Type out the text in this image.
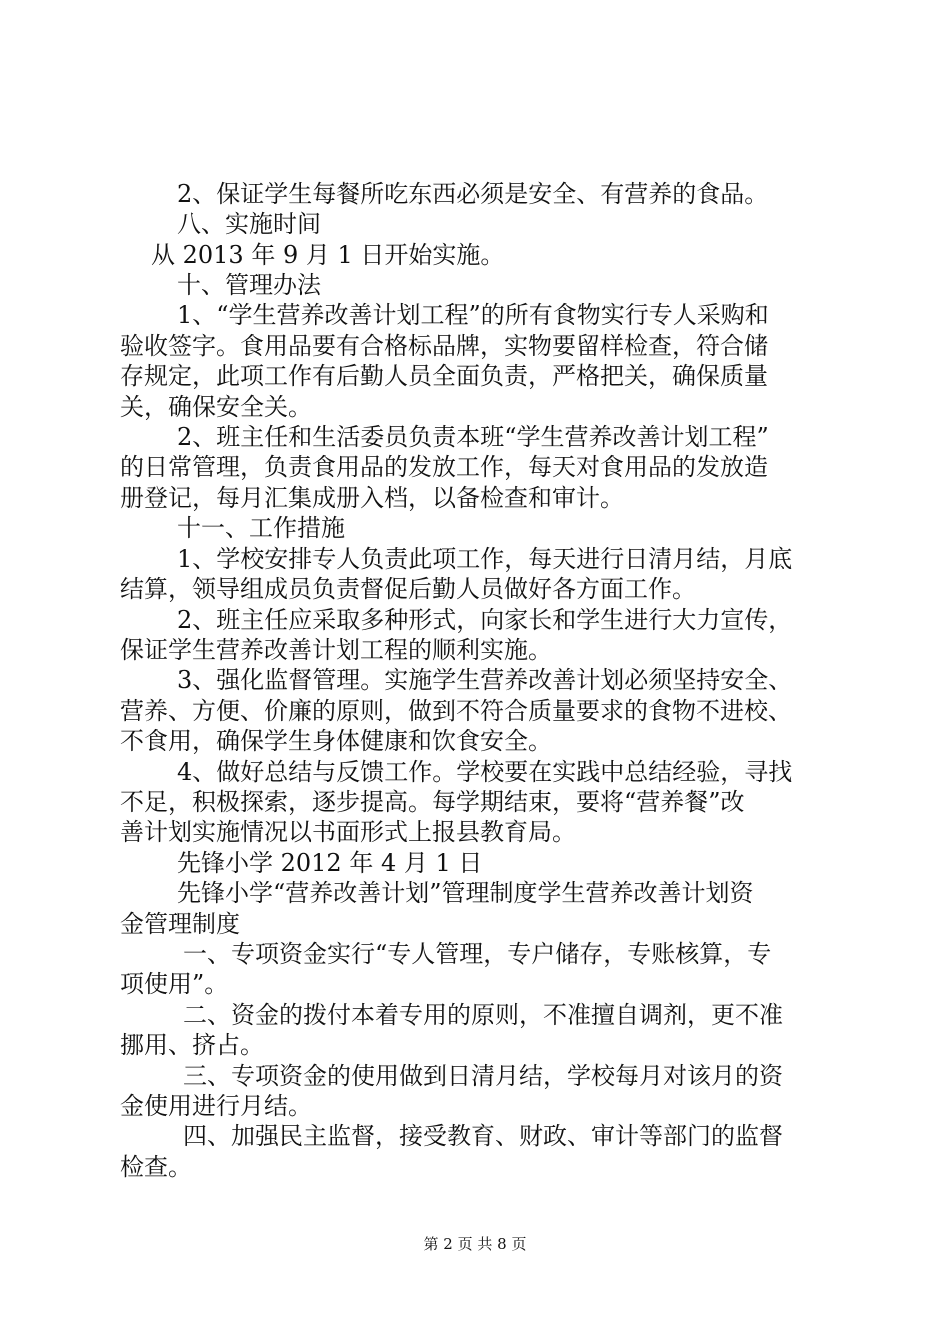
2、保证学生每餐所吃东西必须是安全、有营养的食品。
八、实施时间
从 2013 年 9 月 1 日开始实施。
十、管理办法
1、“学生营养改善计划工程”的所有食物实行专人采购和
验收签字。食用品要有合格标品牌，实物要留样检查，符合储
存规定，此项工作有后勤人员全面负责，严格把关，确保质量
关，确保安全关。
2、班主任和生活委员负责本班“学生营养改善计划工程”
的日常管理，负责食用品的发放工作，每天对食用品的发放造
册登记，每月汇集成册入档，以备检查和审计。
十一、工作措施
1、学校安排专人负责此项工作，每天进行日清月结，月底
结算，领导组成员负责督促后勤人员做好各方面工作。
2、班主任应采取多种形式，向家长和学生进行大力宣传，
保证学生营养改善计划工程的顺利实施。
3、强化监督管理。实施学生营养改善计划必须坚持安全、
营养、方便、价廉的原则，做到不符合质量要求的食物不进校、
不食用，确保学生身体健康和饮食安全。
4、做好总结与反馈工作。学校要在实践中总结经验，寻找
不足，积极探索，逐步提高。每学期结束，要将“营养餐”改
善计划实施情况以书面形式上报县教育局。
先锋小学 2012 年 4 月 1 日
先锋小学“营养改善计划”管理制度学生营养改善计划资
金管理制度
一、专项资金实行“专人管理，专户储存，专账核算，专
项使用”。
二、资金的拨付本着专用的原则，不准擅自调剂，更不准
挪用、挤占。
三、专项资金的使用做到日清月结，学校每月对该月的资
金使用进行月结。
四、加强民主监督，接受教育、财政、审计等部门的监督
检查。
第 2 页 共 8 页
